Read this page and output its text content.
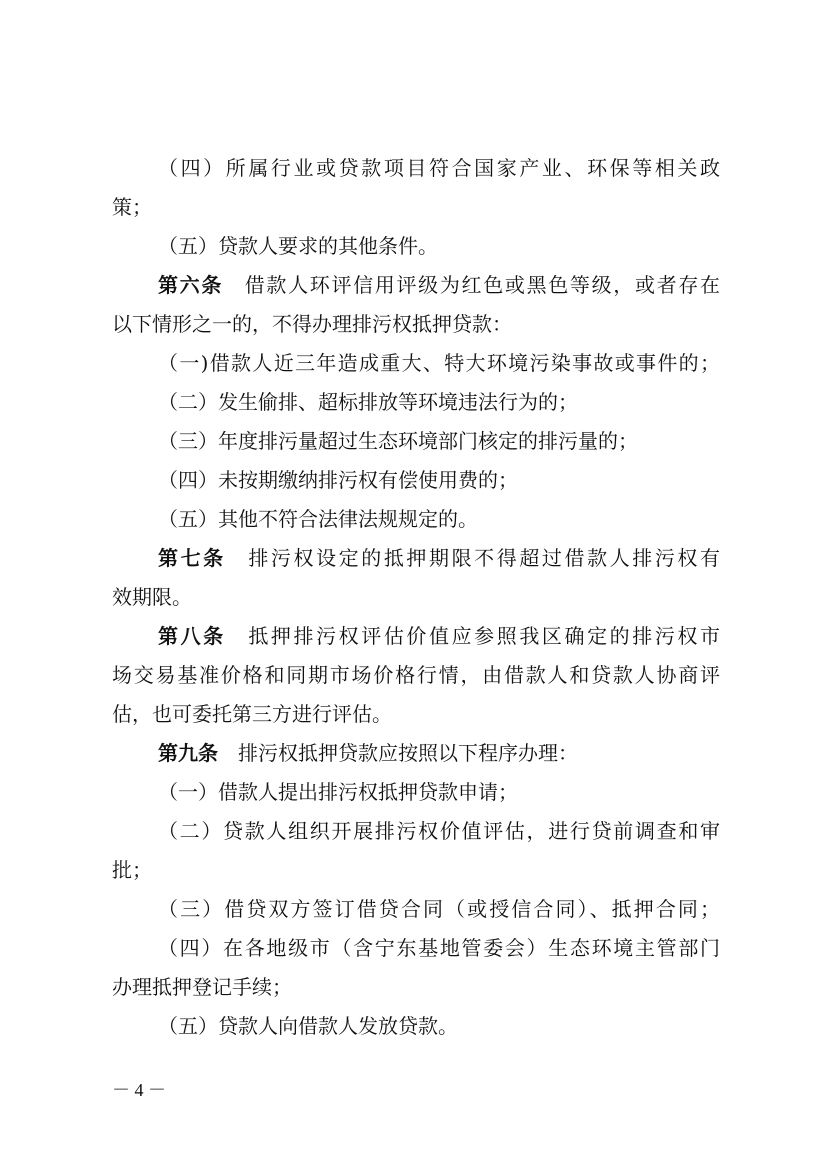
（四）所属行业或贷款项目符合国家产业、环保等相关政
策；
（五）贷款人要求的其他条件。
第六条　借款人环评信用评级为红色或黑色等级，或者存在
以下情形之一的，不得办理排污权抵押贷款：
（一)借款人近三年造成重大、特大环境污染事故或事件的；
（二）发生偷排、超标排放等环境违法行为的；
（三）年度排污量超过生态环境部门核定的排污量的；
（四）未按期缴纳排污权有偿使用费的；
（五）其他不符合法律法规规定的。
第七条　排污权设定的抵押期限不得超过借款人排污权有
效期限。
第八条　抵押排污权评估价值应参照我区确定的排污权市
场交易基准价格和同期市场价格行情，由借款人和贷款人协商评
估，也可委托第三方进行评估。
第九条　排污权抵押贷款应按照以下程序办理：
（一）借款人提出排污权抵押贷款申请；
（二）贷款人组织开展排污权价值评估，进行贷前调查和审
批；
（三）借贷双方签订借贷合同（或授信合同）、抵押合同；
（四）在各地级市（含宁东基地管委会）生态环境主管部门
办理抵押登记手续；
（五）贷款人向借款人发放贷款。
－ 4 －
